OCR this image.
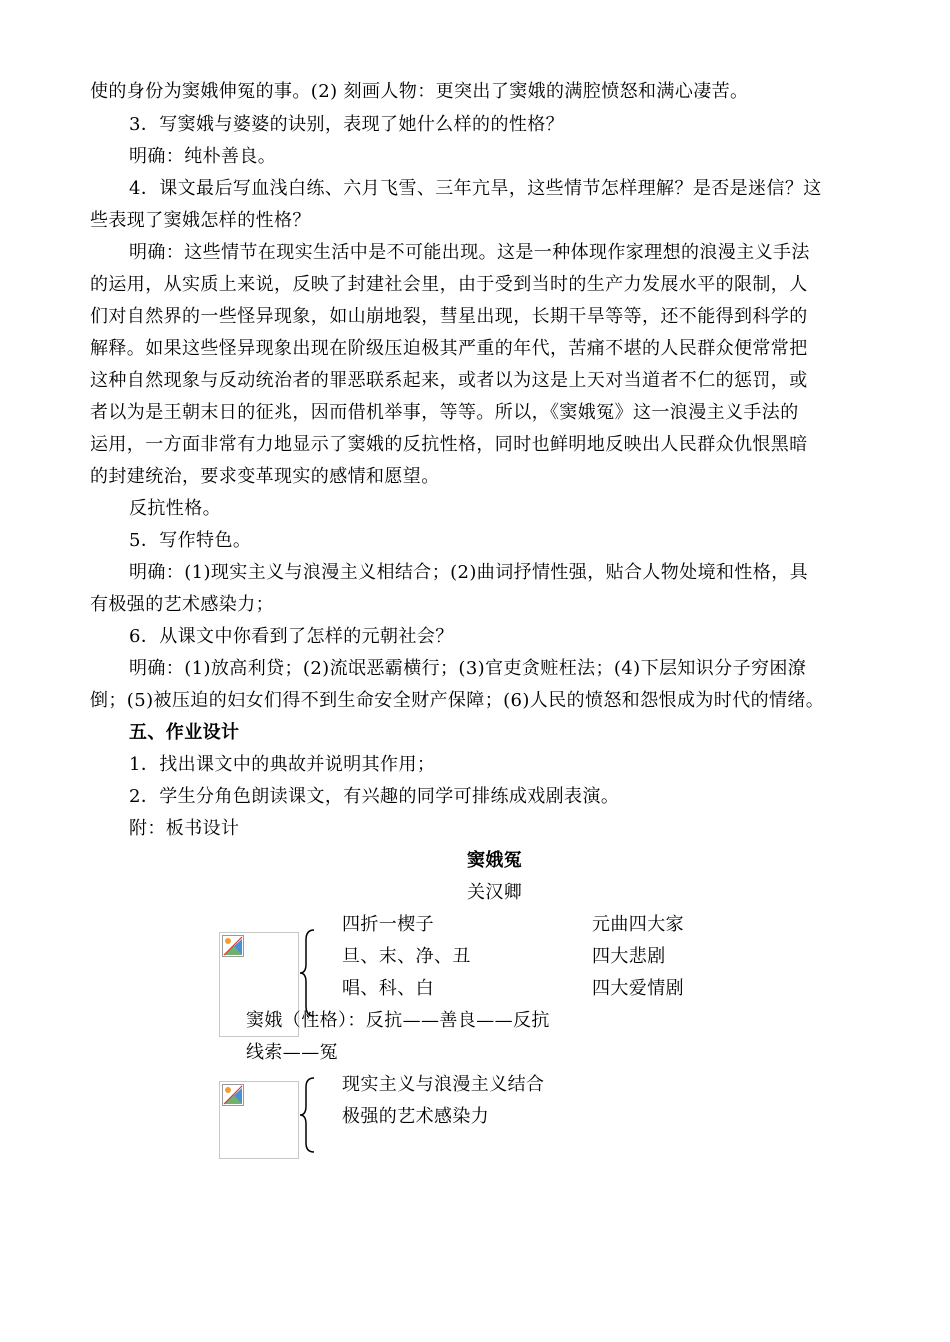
使的身份为窦娥伸冤的事。(2) 刻画人物：更突出了窦娥的满腔愤怒和满心凄苦。
3．写窦娥与婆婆的诀别，表现了她什么样的的性格？
明确：纯朴善良。
4．课文最后写血浅白练、六月飞雪、三年亢旱，这些情节怎样理解？是否是迷信？这
些表现了窦娥怎样的性格？
明确：这些情节在现实生活中是不可能出现。这是一种体现作家理想的浪漫主义手法
的运用，从实质上来说，反映了封建社会里，由于受到当时的生产力发展水平的限制，人
们对自然界的一些怪异现象，如山崩地裂，彗星出现，长期干旱等等，还不能得到科学的
解释。如果这些怪异现象出现在阶级压迫极其严重的年代，苦痛不堪的人民群众便常常把
这种自然现象与反动统治者的罪恶联系起来，或者以为这是上天对当道者不仁的惩罚，或
者以为是王朝末日的征兆，因而借机举事，等等。所以，《窦娥冤》这一浪漫主义手法的
运用，一方面非常有力地显示了窦娥的反抗性格，同时也鲜明地反映出人民群众仇恨黑暗
的封建统治，要求变革现实的感情和愿望。
反抗性格。
5．写作特色。
明确：(1)现实主义与浪漫主义相结合；(2)曲词抒情性强，贴合人物处境和性格，具
有极强的艺术感染力；
6．从课文中你看到了怎样的元朝社会？
明确：(1)放高利贷；(2)流氓恶霸横行；(3)官吏贪赃枉法；(4)下层知识分子穷困潦
倒；(5)被压迫的妇女们得不到生命安全财产保障；(6)人民的愤怒和怨恨成为时代的情绪。
五、作业设计
1．找出课文中的典故并说明其作用；
2．学生分角色朗读课文，有兴趣的同学可排练成戏剧表演。
附：板书设计
窦娥冤
关汉卿
四折一楔子
旦、末、净、丑
唱、科、白
元曲四大家
四大悲剧
四大爱情剧
窦娥（性格）：反抗——善良——反抗
线索——冤
现实主义与浪漫主义结合
极强的艺术感染力
